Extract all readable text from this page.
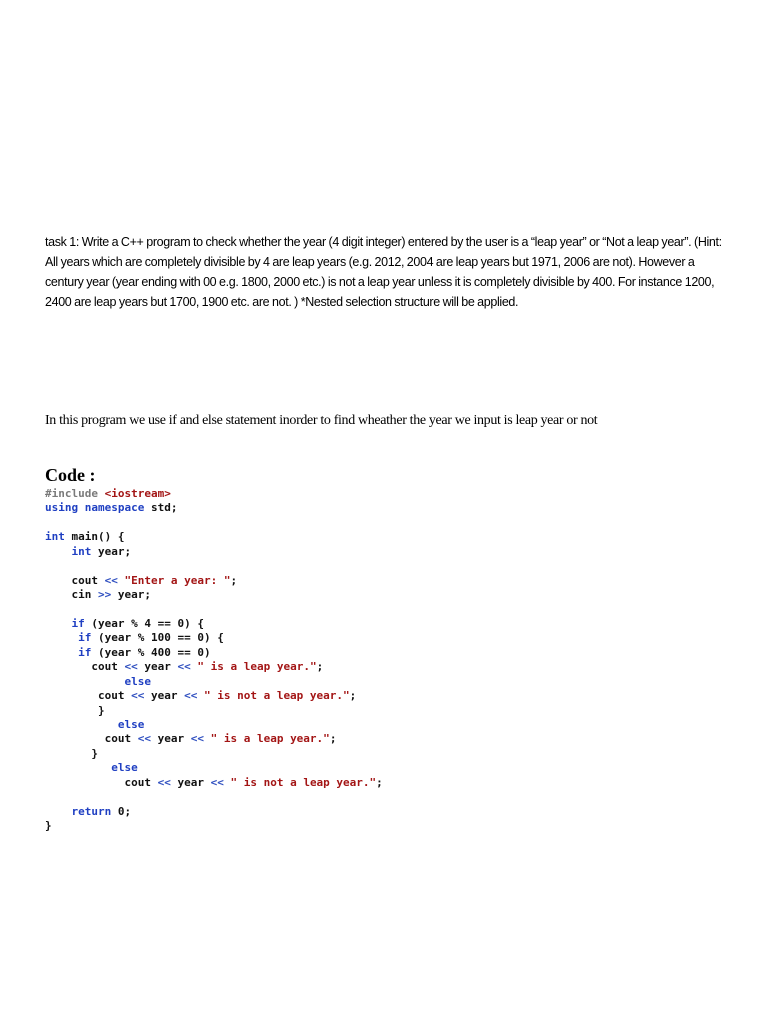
task 1: Write a C++ program to check whether the year (4 digit integer) entered by the user is a “leap year” or “Not a leap year”. (Hint: All years which are completely divisible by 4 are leap years (e.g. 2012, 2004 are leap years but 1971, 2006 are not). However a century year (year ending with 00 e.g. 1800, 2000 etc.) is not a leap year unless it is completely divisible by 400. For instance 1200, 2400 are leap years but 1700, 1900 etc. are not. ) *Nested selection structure will be applied.

In this program we use if and else statement inorder to find wheather the year we input is leap year or not

Code :
#include <iostream>
using namespace std;

int main() {
int year;

cout << "Enter a year: ";
cin >> year;

if (year % 4 == 0) {
if (year % 100 == 0) {
if (year % 400 == 0)
cout << year << " is a leap year.";
else
cout << year << " is not a leap year.";
}
else
cout << year << " is a leap year.";
}
else
cout << year << " is not a leap year.";

return 0;
}
